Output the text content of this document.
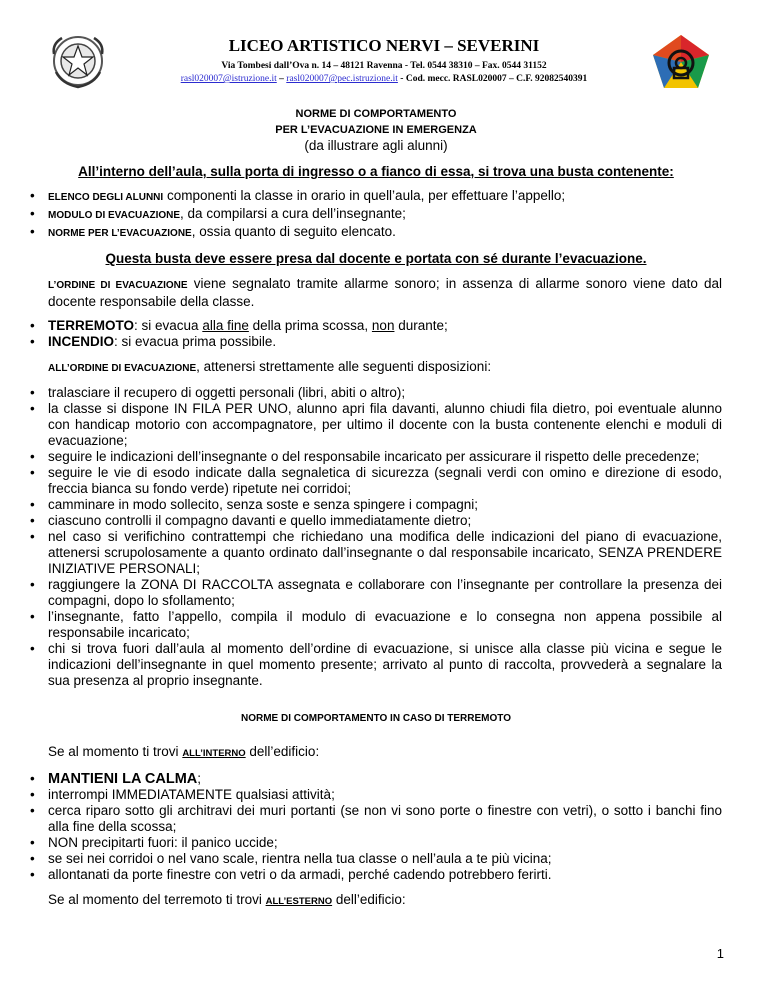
LICEO ARTISTICO NERVI – SEVERINI
Via Tombesi dall’Ova n. 14 – 48121 Ravenna - Tel. 0544 38310 – Fax. 0544 31152
rasl020007@istruzione.it – rasl020007@pec.istruzione.it - Cod. mecc. RASL020007 – C.F. 92082540391
NORME DI COMPORTAMENTO
PER L’EVACUAZIONE IN EMERGENZA
(da illustrare agli alunni)
All’interno dell’aula, sulla porta di ingresso o a fianco di essa, si trova una busta contenente:
• ELENCO DEGLI ALUNNI componenti la classe in orario in quell’aula, per effettuare l’appello;
• MODULO DI EVACUAZIONE, da compilarsi a cura dell’insegnante;
• NORME PER L’EVACUAZIONE, ossia quanto di seguito elencato.
Questa busta deve essere presa dal docente e portata con sé durante l’evacuazione.
L’ORDINE DI EVACUAZIONE viene segnalato tramite allarme sonoro; in assenza di allarme sonoro viene dato dal docente responsabile della classe.
• TERREMOTO: si evacua alla fine della prima scossa, non durante;
• INCENDIO: si evacua prima possibile.
ALL’ORDINE DI EVACUAZIONE, attenersi strettamente alle seguenti disposizioni:
• tralasciare il recupero di oggetti personali (libri, abiti o altro);
• la classe si dispone IN FILA PER UNO, alunno apri fila davanti, alunno chiudi fila dietro, poi eventuale alunno con handicap motorio con accompagnatore, per ultimo il docente con la busta contenente elenchi e moduli di evacuazione;
• seguire le indicazioni dell’insegnante o del responsabile incaricato per assicurare il rispetto delle precedenze;
• seguire le vie di esodo indicate dalla segnaletica di sicurezza (segnali verdi con omino e direzione di esodo, freccia bianca su fondo verde) ripetute nei corridoi;
• camminare in modo sollecito, senza soste e senza spingere i compagni;
• ciascuno controlli il compagno davanti e quello immediatamente dietro;
• nel caso si verifichino contrattempi che richiedano una modifica delle indicazioni del piano di evacuazione, attenersi scrupolosamente a quanto ordinato dall’insegnante o dal responsabile incaricato, SENZA PRENDERE INIZIATIVE PERSONALI;
• raggiungere la ZONA DI RACCOLTA assegnata e collaborare con l’insegnante per controllare la presenza dei compagni, dopo lo sfollamento;
• l’insegnante, fatto l’appello, compila il modulo di evacuazione e lo consegna non appena possibile al responsabile incaricato;
• chi si trova fuori dall’aula al momento dell’ordine di evacuazione, si unisce alla classe più vicina e segue le indicazioni dell’insegnante in quel momento presente; arrivato al punto di raccolta, provvederà a segnalare la sua presenza al proprio insegnante.
NORME DI COMPORTAMENTO IN CASO DI TERREMOTO
Se al momento ti trovi ALL’INTERNO dell’edificio:
• MANTIENI LA CALMA;
• interrompi IMMEDIATAMENTE qualsiasi attività;
• cerca riparo sotto gli architravi dei muri portanti (se non vi sono porte o finestre con vetri), o sotto i banchi fino alla fine della scossa;
• NON precipitarti fuori: il panico uccide;
• se sei nei corridoi o nel vano scale, rientra nella tua classe o nell’aula a te più vicina;
• allontanati da porte finestre con vetri o da armadi, perché cadendo potrebbero ferirti.
Se al momento del terremoto ti trovi ALL’ESTERNO dell’edificio:
1
